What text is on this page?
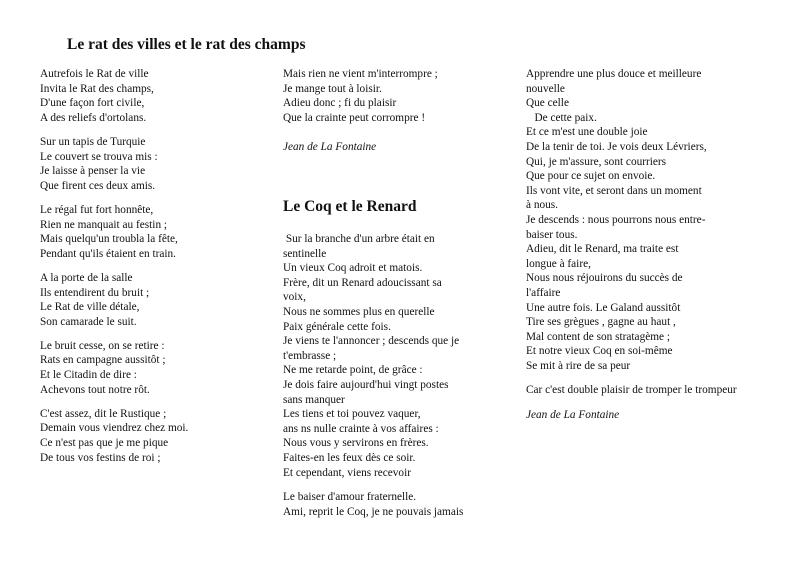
Le rat des villes et le rat des champs

Autrefois le Rat de ville
Invita le Rat des champs,
D'une façon fort civile,
A des reliefs d'ortolans.

Sur un tapis de Turquie
Le couvert se trouva mis :
Je laisse à penser la vie
Que firent ces deux amis.

Le régal fut fort honnête,
Rien ne manquait au festin ;
Mais quelqu'un troubla la fête,
Pendant qu'ils étaient en train.

A la porte de la salle
Ils entendirent du bruit ;
Le Rat de ville détale,
Son camarade le suit.

Le bruit cesse, on se retire :
Rats en campagne aussitôt ;
Et le Citadin de dire :
Achevons tout notre rôt.

C'est assez, dit le Rustique ;
Demain vous viendrez chez moi.
Ce n'est pas que je me pique
De tous vos festins de roi ;

Mais rien ne vient m'interrompre ;
Je mange tout à loisir.
Adieu donc ; fi du plaisir
Que la crainte peut corrompre !

Jean de La Fontaine

Le Coq et le Renard

Sur la branche d'un arbre était en
sentinelle
Un vieux Coq adroit et matois.
Frère, dit un Renard adoucissant sa
voix,
Nous ne sommes plus en querelle
Paix générale cette fois.
Je viens te l'annoncer ; descends que je
t'embrasse ;
Ne me retarde point, de grâce :
Je dois faire aujourd'hui vingt postes
sans manquer
Les tiens et toi pouvez vaquer,
ans ns nulle crainte à vos affaires :
Nous vous y servirons en frères.
Faites-en les feux dès ce soir.
Et cependant, viens recevoir

Le baiser d'amour fraternelle.
Ami, reprit le Coq, je ne pouvais jamais

Apprendre une plus douce et meilleure
nouvelle
Que celle
De cette paix.
Et ce m'est une double joie
De la tenir de toi. Je vois deux Lévriers,
Qui, je m'assure, sont courriers
Que pour ce sujet on envoie.
Ils vont vite, et seront dans un moment
à nous.
Je descends : nous pourrons nous entre-
baiser tous.
Adieu, dit le Renard, ma traite est
longue à faire,
Nous nous réjouirons du succès de
l'affaire
Une autre fois. Le Galand aussitôt
Tire ses grègues , gagne au haut ,
Mal content de son stratagème ;
Et notre vieux Coq en soi-même
Se mit à rire de sa peur

Car c'est double plaisir de tromper le trompeur

Jean de La Fontaine
